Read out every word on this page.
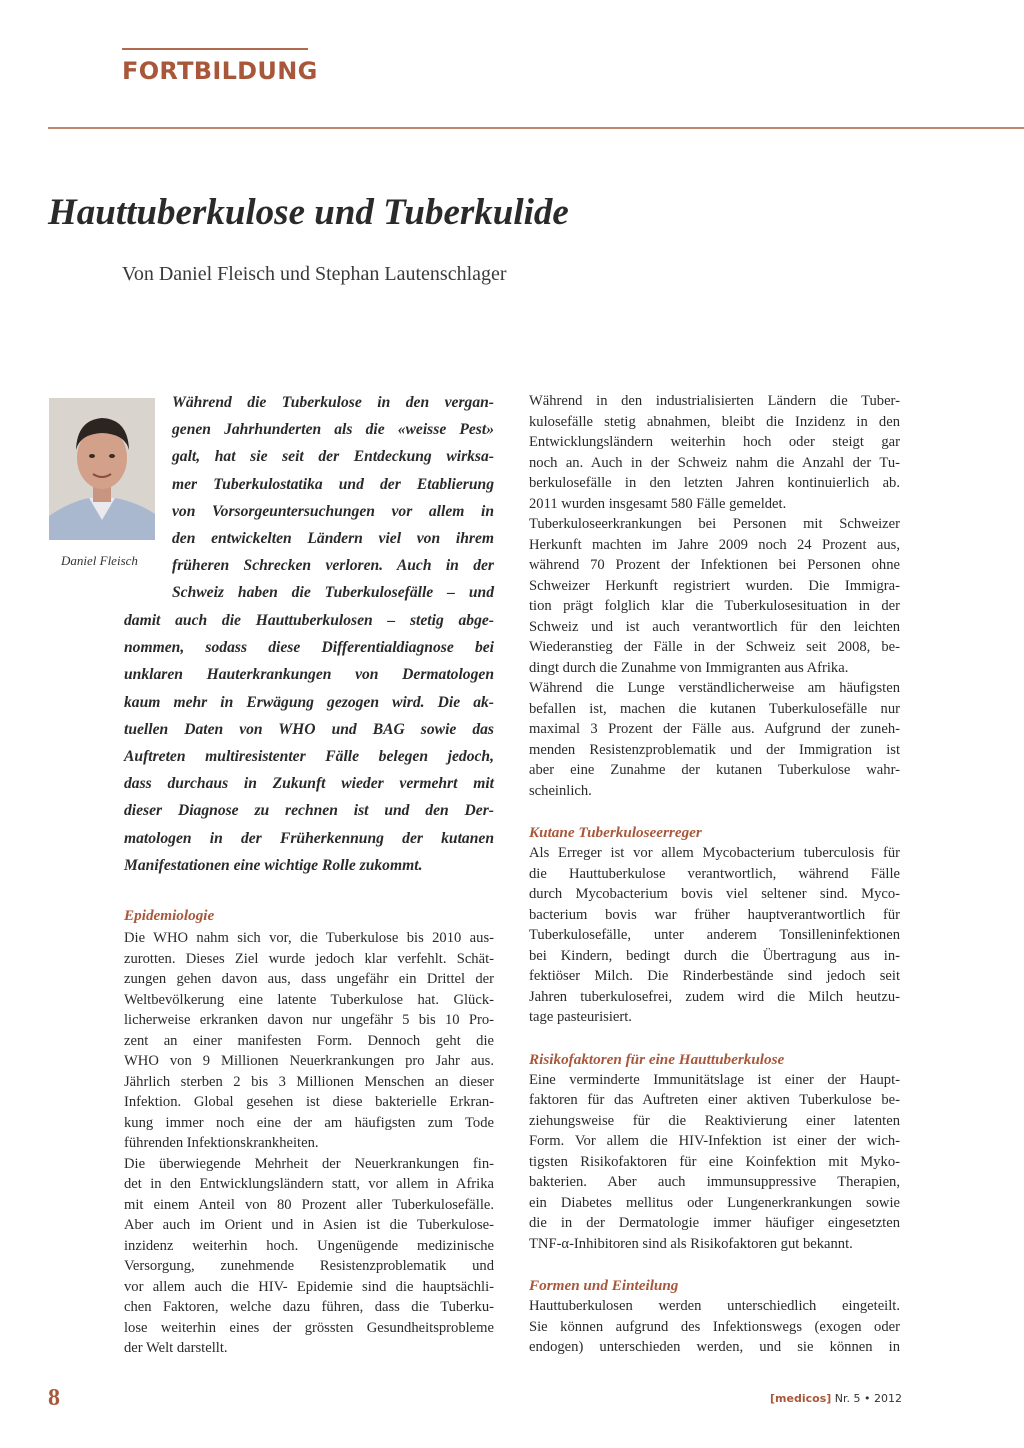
FORTBILDUNG
Hauttuberkulose und Tuberkulide
Von Daniel Fleisch und Stephan Lautenschlager
Daniel Fleisch
Während die Tuberkulose in den vergan-
genen Jahrhunderten als die «weisse Pest»
galt, hat sie seit der Entdeckung wirksa-
mer Tuberkulostatika und der Etablierung
von Vorsorgeuntersuchungen vor allem in
den entwickelten Ländern viel von ihrem
früheren Schrecken verloren. Auch in der
Schweiz haben die Tuberkulosefälle – und
damit auch die Hauttuberkulosen – stetig abge-
nommen, sodass diese Differentialdiagnose bei
unklaren Hauterkrankungen von Dermatologen
kaum mehr in Erwägung gezogen wird. Die ak-
tuellen Daten von WHO und BAG sowie das
Auftreten multiresistenter Fälle belegen jedoch,
dass durchaus in Zukunft wieder vermehrt mit
dieser Diagnose zu rechnen ist und den Der-
matologen in der Früherkennung der kutanen
Manifestationen eine wichtige Rolle zukommt.
Epidemiologie
Die WHO nahm sich vor, die Tuberkulose bis 2010 aus-
zurotten. Dieses Ziel wurde jedoch klar verfehlt. Schät-
zungen gehen davon aus, dass ungefähr ein Drittel der
Weltbevölkerung eine latente Tuberkulose hat. Glück-
licherweise erkranken davon nur ungefähr 5 bis 10 Pro-
zent an einer manifesten Form. Dennoch geht die
WHO von 9 Millionen Neuerkrankungen pro Jahr aus.
Jährlich sterben 2 bis 3 Millionen Menschen an dieser
Infektion. Global gesehen ist diese bakterielle Erkran-
kung immer noch eine der am häufigsten zum Tode
führenden Infektionskrankheiten.
Die überwiegende Mehrheit der Neuerkrankungen fin-
det in den Entwicklungsländern statt, vor allem in Afrika
mit einem Anteil von 80 Prozent aller Tuberkulosefälle.
Aber auch im Orient und in Asien ist die Tuberkulose-
inzidenz weiterhin hoch. Ungenügende medizinische
Versorgung, zunehmende Resistenzproblematik und
vor allem auch die HIV- Epidemie sind die hauptsächli-
chen Faktoren, welche dazu führen, dass die Tuberku-
lose weiterhin eines der grössten Gesundheitsprobleme
der Welt darstellt.
Während in den industrialisierten Ländern die Tuber-
kulosefälle stetig abnahmen, bleibt die Inzidenz in den
Entwicklungsländern weiterhin hoch oder steigt gar
noch an. Auch in der Schweiz nahm die Anzahl der Tu-
berkulosefälle in den letzten Jahren kontinuierlich ab.
2011 wurden insgesamt 580 Fälle gemeldet.
Tuberkuloseerkrankungen bei Personen mit Schweizer
Herkunft machten im Jahre 2009 noch 24 Prozent aus,
während 70 Prozent der Infektionen bei Personen ohne
Schweizer Herkunft registriert wurden. Die Immigra-
tion prägt folglich klar die Tuberkulosesituation in der
Schweiz und ist auch verantwortlich für den leichten
Wiederanstieg der Fälle in der Schweiz seit 2008, be-
dingt durch die Zunahme von Immigranten aus Afrika.
Während die Lunge verständlicherweise am häufigsten
befallen ist, machen die kutanen Tuberkulosefälle nur
maximal 3 Prozent der Fälle aus. Aufgrund der zuneh-
menden Resistenzproblematik und der Immigration ist
aber eine Zunahme der kutanen Tuberkulose wahr-
scheinlich.
Kutane Tuberkuloseerreger
Als Erreger ist vor allem Mycobacterium tuberculosis für
die Hauttuberkulose verantwortlich, während Fälle
durch Mycobacterium bovis viel seltener sind. Myco-
bacterium bovis war früher hauptverantwortlich für
Tuberkulosefälle, unter anderem Tonsilleninfektionen
bei Kindern, bedingt durch die Übertragung aus in-
fektiöser Milch. Die Rinderbestände sind jedoch seit
Jahren tuberkulosefrei, zudem wird die Milch heutzu-
tage pasteurisiert.
Risikofaktoren für eine Hauttuberkulose
Eine verminderte Immunitätslage ist einer der Haupt-
faktoren für das Auftreten einer aktiven Tuberkulose be-
ziehungsweise für die Reaktivierung einer latenten
Form. Vor allem die HIV-Infektion ist einer der wich-
tigsten Risikofaktoren für eine Koinfektion mit Myko-
bakterien. Aber auch immunsuppressive Therapien,
ein Diabetes mellitus oder Lungenerkrankungen sowie
die in der Dermatologie immer häufiger eingesetzten
TNF-α-Inhibitoren sind als Risikofaktoren gut bekannt.
Formen und Einteilung
Hauttuberkulosen werden unterschiedlich eingeteilt.
Sie können aufgrund des Infektionswegs (exogen oder
endogen) unterschieden werden, und sie können in
8	[medicos] Nr. 5 • 2012
